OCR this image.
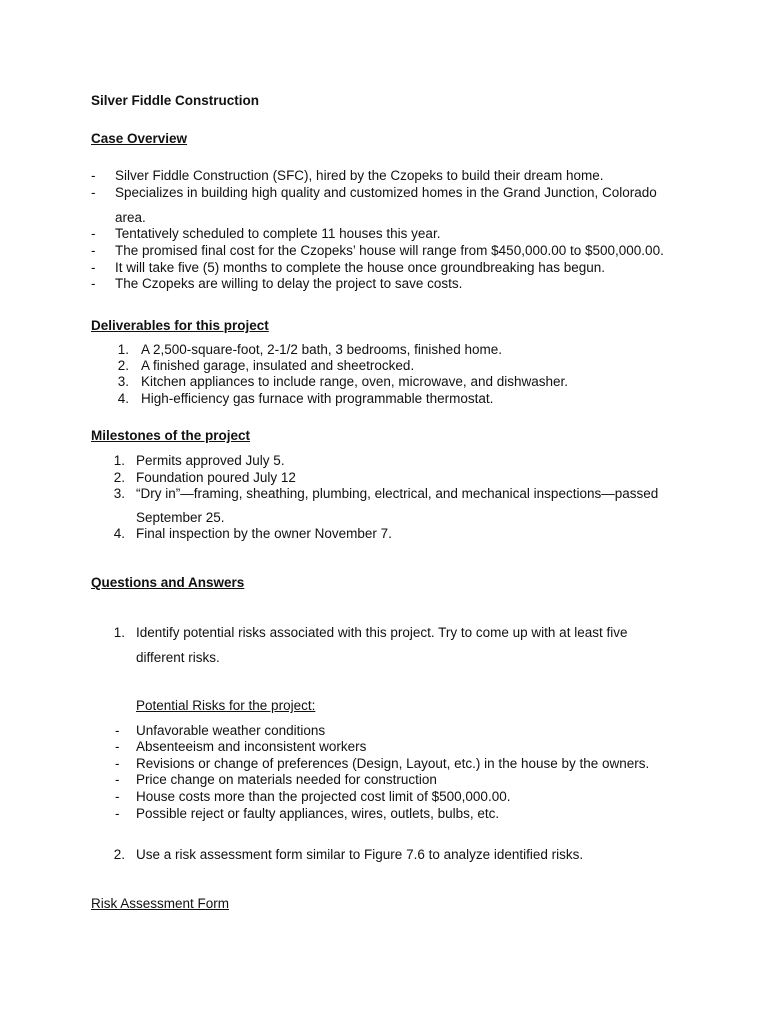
Silver Fiddle Construction
Case Overview
-	Silver Fiddle Construction (SFC), hired by the Czopeks to build their dream home.
-	Specializes in building high quality and customized homes in the Grand Junction, Colorado
area.
-	Tentatively scheduled to complete 11 houses this year.
-	The promised final cost for the Czopeks’ house will range from $450,000.00 to $500,000.00.
-	It will take five (5) months to complete the house once groundbreaking has begun.
-	The Czopeks are willing to delay the project to save costs.
Deliverables for this project
1. A 2,500-square-foot, 2-1/2 bath, 3 bedrooms, finished home.
2. A finished garage, insulated and sheetrocked.
3. Kitchen appliances to include range, oven, microwave, and dishwasher.
4. High-efficiency gas furnace with programmable thermostat.
Milestones of the project
1. Permits approved July 5.
2. Foundation poured July 12
3. “Dry in”—framing, sheathing, plumbing, electrical, and mechanical inspections—passed
September 25.
4. Final inspection by the owner November 7.
Questions and Answers
1. Identify potential risks associated with this project. Try to come up with at least five
different risks.
Potential Risks for the project:
-	Unfavorable weather conditions
-	Absenteeism and inconsistent workers
-	Revisions or change of preferences (Design, Layout, etc.) in the house by the owners.
-	Price change on materials needed for construction
-	House costs more than the projected cost limit of $500,000.00.
-	Possible reject or faulty appliances, wires, outlets, bulbs, etc.
2. Use a risk assessment form similar to Figure 7.6 to analyze identified risks.
Risk Assessment Form
